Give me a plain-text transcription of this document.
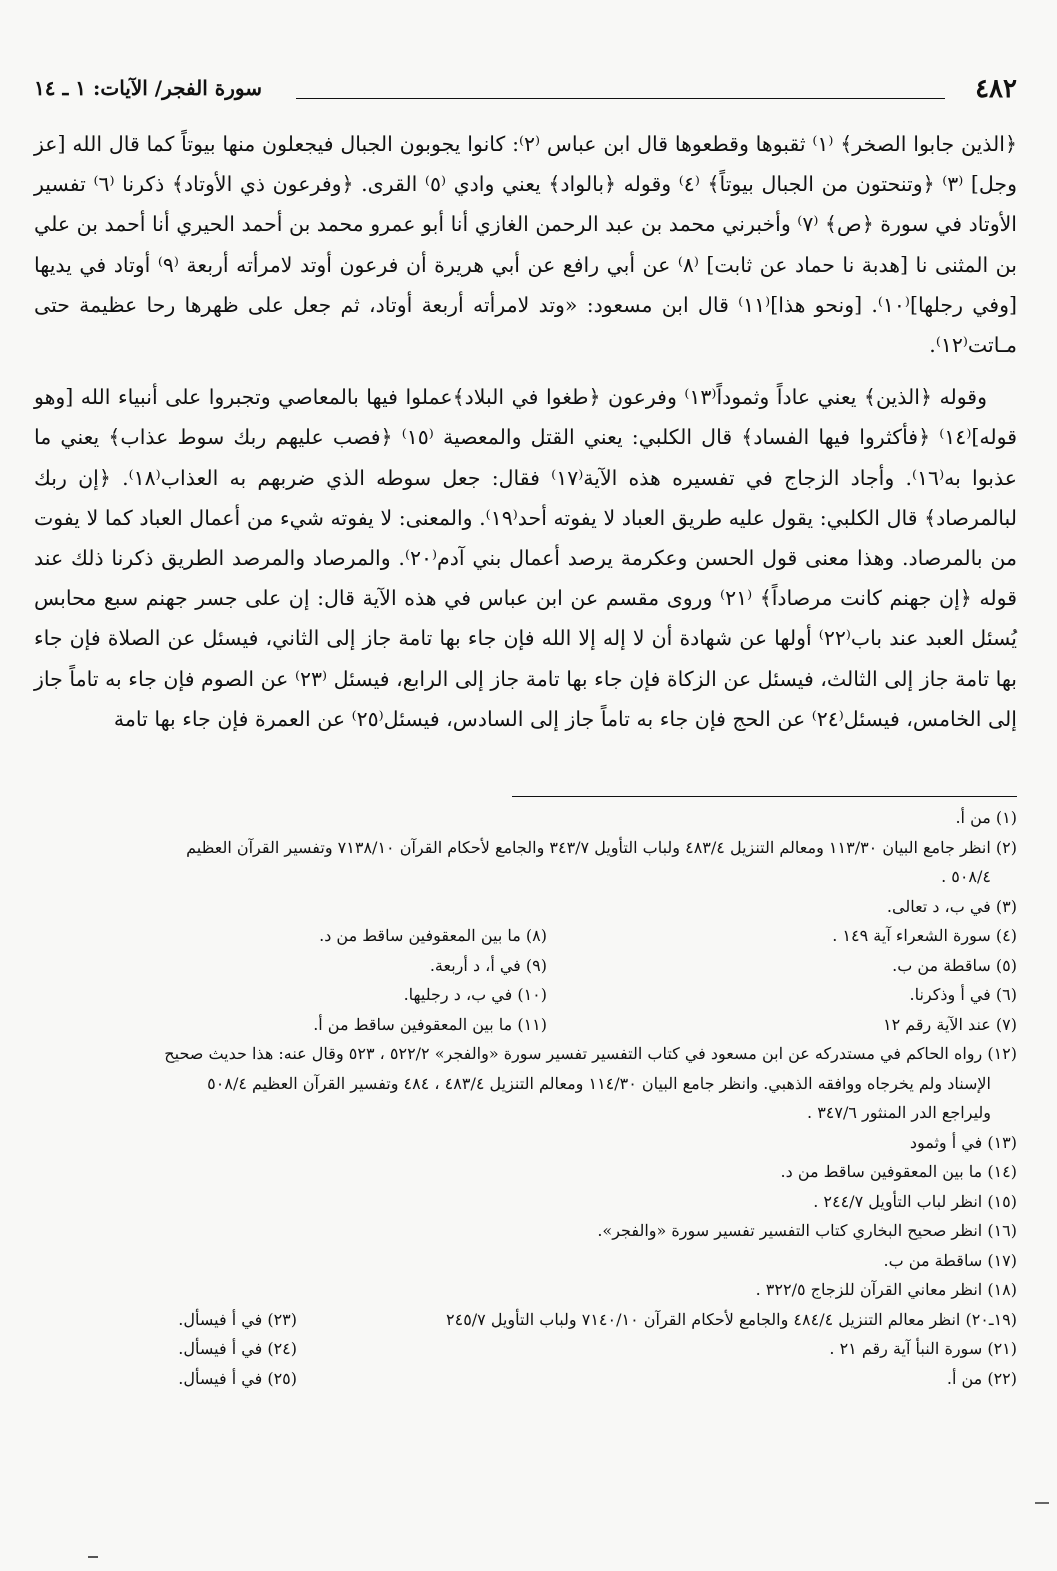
٤٨٢
سورة الفجر/ الآيات: ١ ـ ١٤

﴿الذين جابوا الصخر﴾ ⁽١⁾ ثقبوها وقطعوها قال ابن عباس ⁽٢⁾: كانوا يجوبون الجبال فيجعلون منها بيوتاً كما قال الله [عز وجل] ⁽٣⁾ ﴿وتنحتون من الجبال بيوتاً﴾ ⁽٤⁾ وقوله ﴿بالواد﴾ يعني وادي ⁽٥⁾ القرى. ﴿وفرعون ذي الأوتاد﴾ ذكرنا ⁽٦⁾ تفسير الأوتاد في سورة ﴿ص﴾ ⁽٧⁾ وأخبرني محمد بن عبد الرحمن الغازي أنا أبو عمرو محمد بن أحمد الحيري أنا أحمد بن علي بن المثنى نا [هدبة نا حماد عن ثابت] ⁽٨⁾ عن أبي رافع عن أبي هريرة أن فرعون أوتد لامرأته أربعة ⁽٩⁾ أوتاد في يديها [وفي رجلها]⁽١٠⁾. [ونحو هذا]⁽١١⁾ قال ابن مسعود: «وتد لامرأته أربعة أوتاد، ثم جعل على ظهرها رحا عظيمة حتى مـاتت⁽١٢⁾.

وقوله ﴿الذين﴾ يعني عاداً وثموداً⁽١٣⁾ وفرعون ﴿طغوا في البلاد﴾عملوا فيها بالمعاصي وتجبروا على أنبياء الله [وهو قوله]⁽١٤⁾ ﴿فأكثروا فيها الفساد﴾ قال الكلبي: يعني القتل والمعصية ⁽١٥⁾ ﴿فصب عليهم ربك سوط عذاب﴾ يعني ما عذبوا به⁽١٦⁾. وأجاد الزجاج في تفسيره هذه الآية⁽١٧⁾ فقال: جعل سوطه الذي ضربهم به العذاب⁽١٨⁾. ﴿إن ربك لبالمرصاد﴾ قال الكلبي: يقول عليه طريق العباد لا يفوته أحد⁽١٩⁾. والمعنى: لا يفوته شيء من أعمال العباد كما لا يفوت من بالمرصاد. وهذا معنى قول الحسن وعكرمة يرصد أعمال بني آدم⁽٢٠⁾. والمرصاد والمرصد الطريق ذكرنا ذلك عند قوله ﴿إن جهنم كانت مرصاداً﴾ ⁽٢١⁾ وروى مقسم عن ابن عباس في هذه الآية قال: إن على جسر جهنم سبع محابس يُسئل العبد عند باب⁽٢٢⁾ أولها عن شهادة أن لا إله إلا الله فإن جاء بها تامة جاز إلى الثاني، فيسئل عن الصلاة فإن جاء بها تامة جاز إلى الثالث، فيسئل عن الزكاة فإن جاء بها تامة جاز إلى الرابع، فيسئل ⁽٢٣⁾ عن الصوم فإن جاء به تاماً جاز إلى الخامس، فيسئل⁽٢٤⁾ عن الحج فإن جاء به تاماً جاز إلى السادس، فيسئل⁽٢٥⁾ عن العمرة فإن جاء بها تامة

(١) من أ.

(٢) انظر جامع البيان ١١٣/٣٠ ومعالم التنزيل ٤٨٣/٤ ولباب التأويل ٣٤٣/٧ والجامع لأحكام القرآن ٧١٣٨/١٠ وتفسير القرآن العظيم

٥٠٨/٤ .

(٣) في ب، د تعالى.

(٤) سورة الشعراء آية ١٤٩ .
(٨) ما بين المعقوفين ساقط من د.
(٥) ساقطة من ب.
(٩) في أ، د أربعة.
(٦) في أ وذكرنا.
(١٠) في ب، د رجليها.
(٧) عند الآية رقم ١٢
(١١) ما بين المعقوفين ساقط من أ.

(١٢) رواه الحاكم في مستدركه عن ابن مسعود في كتاب التفسير تفسير سورة «والفجر» ٥٢٢/٢ ، ٥٢٣ وقال عنه: هذا حديث صحيح

الإسناد ولم يخرجاه ووافقه الذهبي. وانظر جامع البيان ١١٤/٣٠ ومعالم التنزيل ٤٨٣/٤ ، ٤٨٤ وتفسير القرآن العظيم ٥٠٨/٤

وليراجع الدر المنثور ٣٤٧/٦ .

(١٣) في أ وثمود

(١٤) ما بين المعقوفين ساقط من د.

(١٥) انظر لباب التأويل ٢٤٤/٧ .

(١٦) انظر صحيح البخاري كتاب التفسير تفسير سورة «والفجر».

(١٧) ساقطة من ب.

(١٨) انظر معاني القرآن للزجاج ٣٢٢/٥ .

(١٩ـ٢٠) انظر معالم التنزيل ٤٨٤/٤ والجامع لأحكام القرآن ٧١٤٠/١٠ ولباب التأويل ٢٤٥/٧
(٢٣) في أ فيسأل.
(٢١) سورة النبأ آية رقم ٢١ .
(٢٤) في أ فيسأل.
(٢٢) من أ.
(٢٥) في أ فيسأل.
